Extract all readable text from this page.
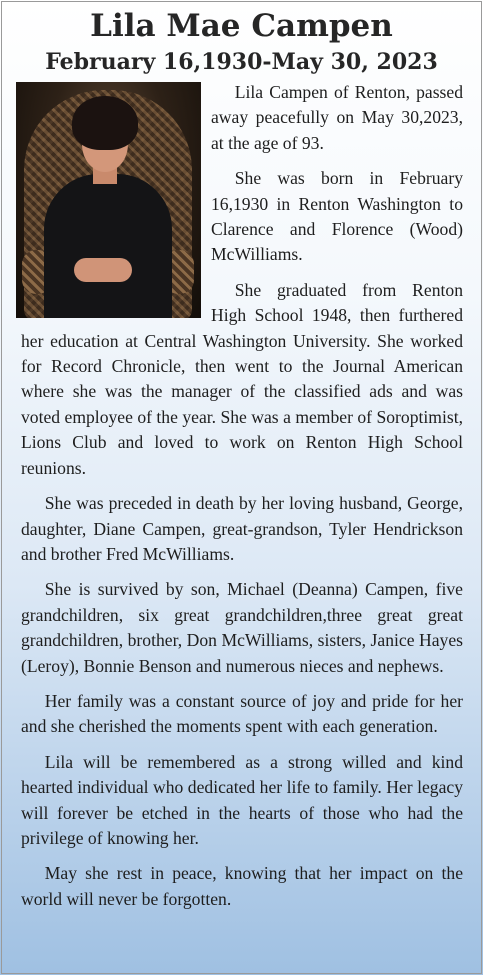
Lila Mae Campen
February 16,1930-May 30, 2023

Lila Campen of Renton, passed away peacefully on May 30,2023, at the age of 93.

She was born in February 16,1930 in Renton Washington to Clarence and Florence (Wood) McWilliams.

She graduated from Renton High School 1948, then furthered her education at Central Washington University. She worked for Record Chronicle, then went to the Journal American where she was the manager of the classified ads and was voted employee of the year. She was a member of Soroptimist, Lions Club and loved to work on Renton High School reunions.

She was preceded in death by her loving husband, George, daughter, Diane Campen, great-grandson, Tyler Hendrickson and brother Fred McWilliams.

She is survived by son, Michael (Deanna) Campen, five grandchildren, six great grandchildren,three great great grandchildren, brother, Don McWilliams, sisters, Janice Hayes (Leroy), Bonnie Benson and numerous nieces and nephews.

Her family was a constant source of joy and pride for her and she cherished the moments spent with each generation.

Lila will be remembered as a strong willed and kind hearted individual who dedicated her life to family. Her legacy will forever be etched in the hearts of those who had the privilege of knowing her.

May she rest in peace, knowing that her impact on the world will never be forgotten.
